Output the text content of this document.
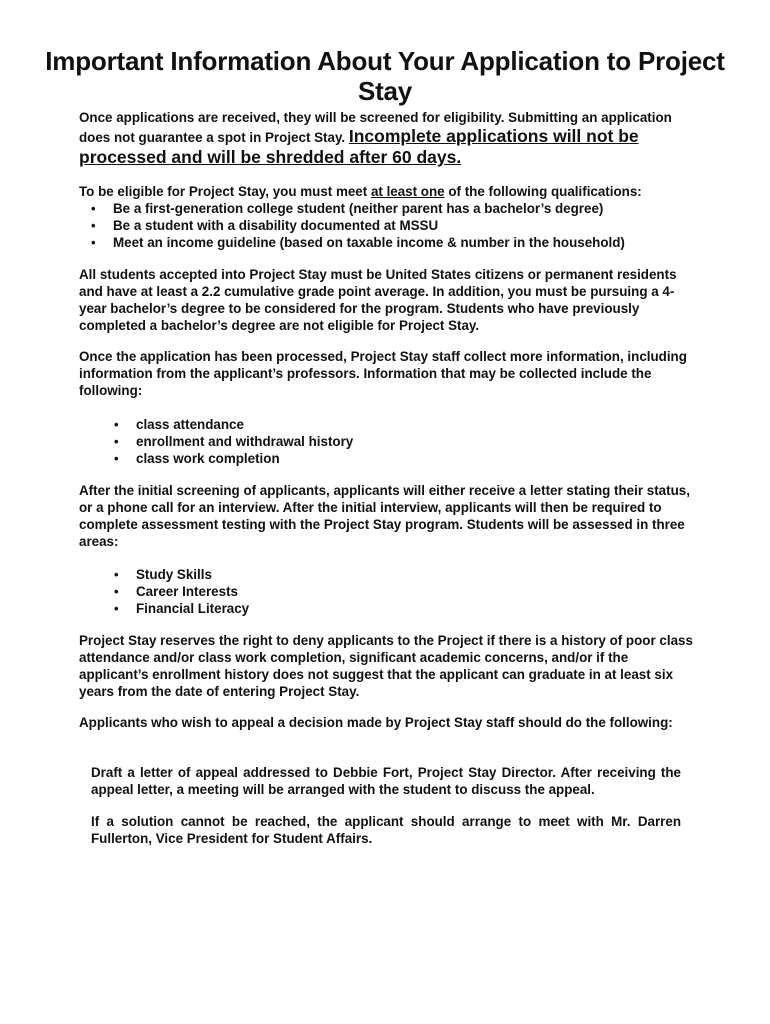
Important Information About Your Application to Project Stay
Once applications are received, they will be screened for eligibility. Submitting an application does not guarantee a spot in Project Stay. Incomplete applications will not be processed and will be shredded after 60 days.
To be eligible for Project Stay, you must meet at least one of the following qualifications:
• Be a first-generation college student (neither parent has a bachelor’s degree)
• Be a student with a disability documented at MSSU
• Meet an income guideline (based on taxable income & number in the household)
All students accepted into Project Stay must be United States citizens or permanent residents and have at least a 2.2 cumulative grade point average. In addition, you must be pursuing a 4-year bachelor’s degree to be considered for the program. Students who have previously completed a bachelor’s degree are not eligible for Project Stay.
Once the application has been processed, Project Stay staff collect more information, including information from the applicant’s professors. Information that may be collected include the following:
• class attendance
• enrollment and withdrawal history
• class work completion
After the initial screening of applicants, applicants will either receive a letter stating their status, or a phone call for an interview. After the initial interview, applicants will then be required to complete assessment testing with the Project Stay program. Students will be assessed in three areas:
• Study Skills
• Career Interests
• Financial Literacy
Project Stay reserves the right to deny applicants to the Project if there is a history of poor class attendance and/or class work completion, significant academic concerns, and/or if the applicant’s enrollment history does not suggest that the applicant can graduate in at least six years from the date of entering Project Stay.
Applicants who wish to appeal a decision made by Project Stay staff should do the following:
Draft a letter of appeal addressed to Debbie Fort, Project Stay Director. After receiving the appeal letter, a meeting will be arranged with the student to discuss the appeal.
If a solution cannot be reached, the applicant should arrange to meet with Mr. Darren Fullerton, Vice President for Student Affairs.
